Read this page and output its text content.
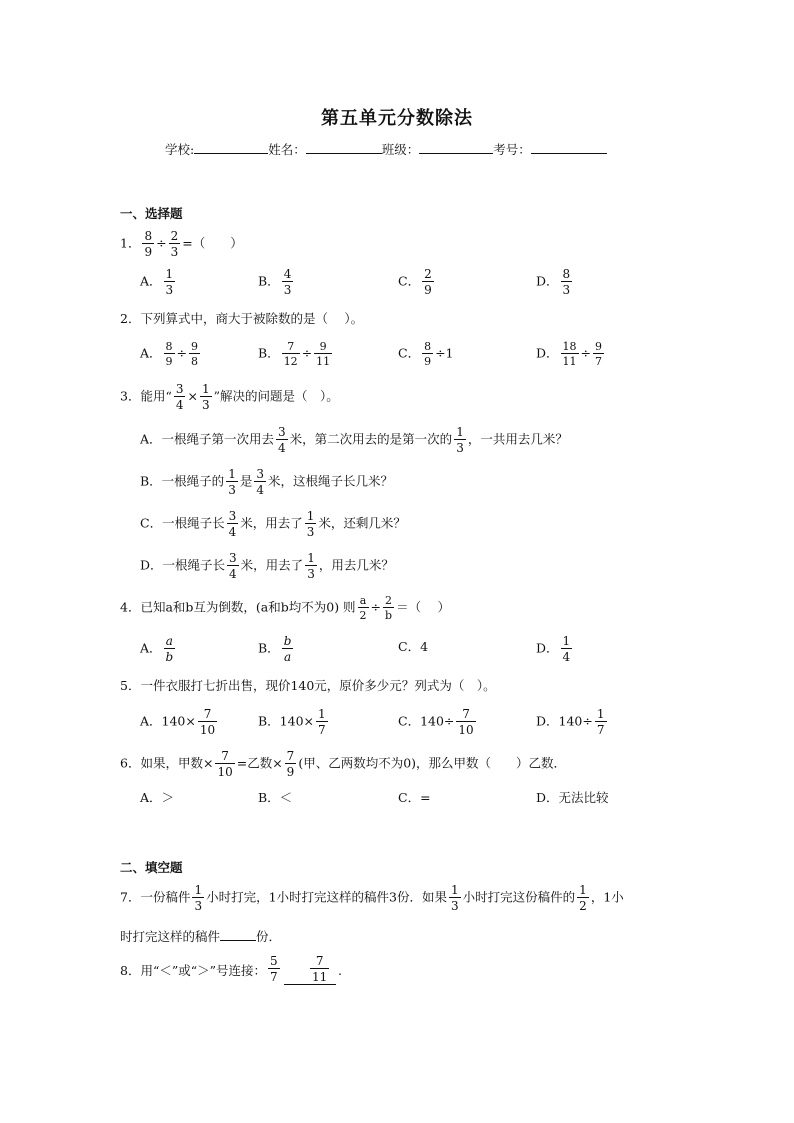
第五单元分数除法
学校:	姓名：	班级：	考号：
一、选择题
1． $\frac{8}{9} \div \frac{2}{3}$ =（　　）
A． $\frac{1}{3}$	B． $\frac{4}{3}$	C． $\frac{2}{9}$	D． $\frac{8}{3}$
2．下列算式中，商大于被除数的是（　 ）。
A． $\frac{8}{9} \div \frac{9}{8}$	B． $\frac{7}{12} \div \frac{9}{11}$	C． $\frac{8}{9} \div 1$	D． $\frac{18}{11} \div \frac{9}{7}$
3．能用“ $\frac{3}{4} \times \frac{1}{3}$ ”解决的问题是（　）。
A．一根绳子第一次用去 $\frac{3}{4}$ 米，第二次用去的是第一次的 $\frac{1}{3}$ ，一共用去几米？
B．一根绳子的 $\frac{1}{3}$ 是 $\frac{3}{4}$ 米，这根绳子长几米？
C．一根绳子长 $\frac{3}{4}$ 米，用去了 $\frac{1}{3}$ 米，还剩几米？
D．一根绳子长 $\frac{3}{4}$ 米，用去了 $\frac{1}{3}$ ，用去几米？
4．已知a和b互为倒数，(a和b均不为0) 则 $\frac{a}{2} \div \frac{2}{b}$ ＝（　 ）
A． $\frac{a}{b}$	B． $\frac{b}{a}$	C．4	D． $\frac{1}{4}$
5．一件衣服打七折出售，现价140元，原价多少元？列式为（　）。
A．$140\times \frac{7}{10}$	B．$140\times \frac{1}{7}$	C．$140\div \frac{7}{10}$	D．$140\div \frac{1}{7}$
6．如果，甲数× $\frac{7}{10}$ =乙数× $\frac{7}{9}$ (甲、乙两数均不为0)，那么甲数（　　）乙数．
A．＞	B．＜	C．=	D．无法比较
二、填空题
7．一份稿件 $\frac{1}{3}$ 小时打完，1小时打完这样的稿件3份．如果 $\frac{1}{3}$ 小时打完这份稿件的 $\frac{1}{2}$ ，1小
时打完这样的稿件	份．
8．用“＜”或“＞”号连接： $\frac{5}{7}$	$\frac{7}{11}$ .
